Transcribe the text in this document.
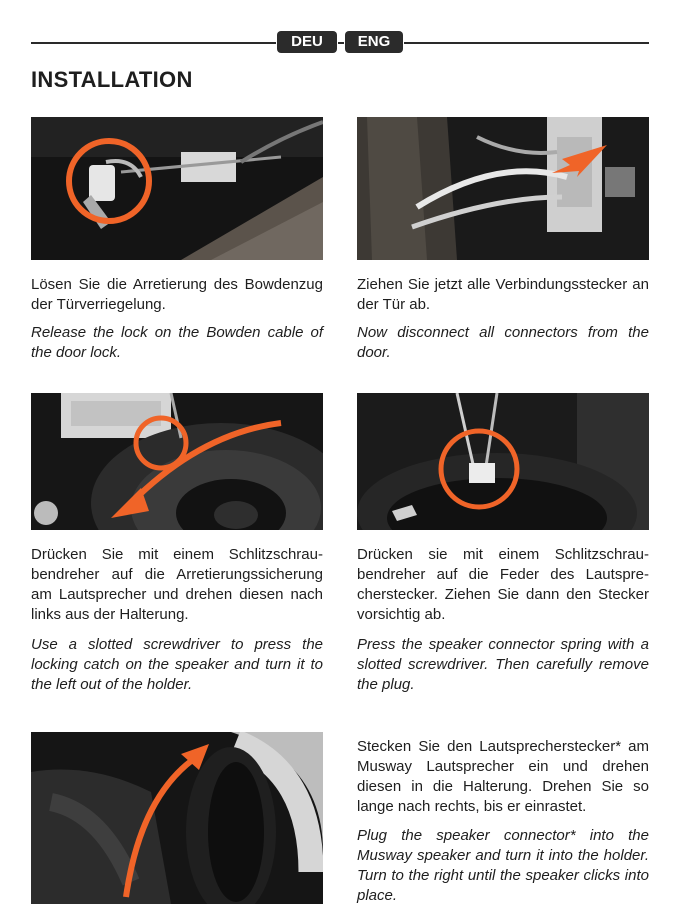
DEU	ENG
INSTALLATION

Lösen Sie die Arretierung des Bowdenzug der Türverriegelung.

Release the lock on the Bowden cable of the door lock.

Ziehen Sie jetzt alle Verbindungsstecker an der Tür ab.

Now disconnect all connectors from the door.

Drücken Sie mit einem Schlitzschraubendreher auf die Arretierungssicherung am Lautsprecher und drehen diesen nach links aus der Halterung.

Use a slotted screwdriver to press the locking catch on the speaker and turn it to the left out of the holder.

Drücken sie mit einem Schlitzschraubendreher auf die Feder des Lautsprecherstecker. Ziehen Sie dann den Stecker vorsichtig ab.

Press the speaker connector spring with a slotted screwdriver. Then carefully remove the plug.

Stecken Sie den Lautsprecherstecker* am Musway Lautsprecher ein und drehen diesen in die Halterung. Drehen Sie so lange nach rechts, bis er einrastet.

Plug the speaker connector* into the Musway speaker and turn it into the holder. Turn to the right until the speaker clicks into place.
